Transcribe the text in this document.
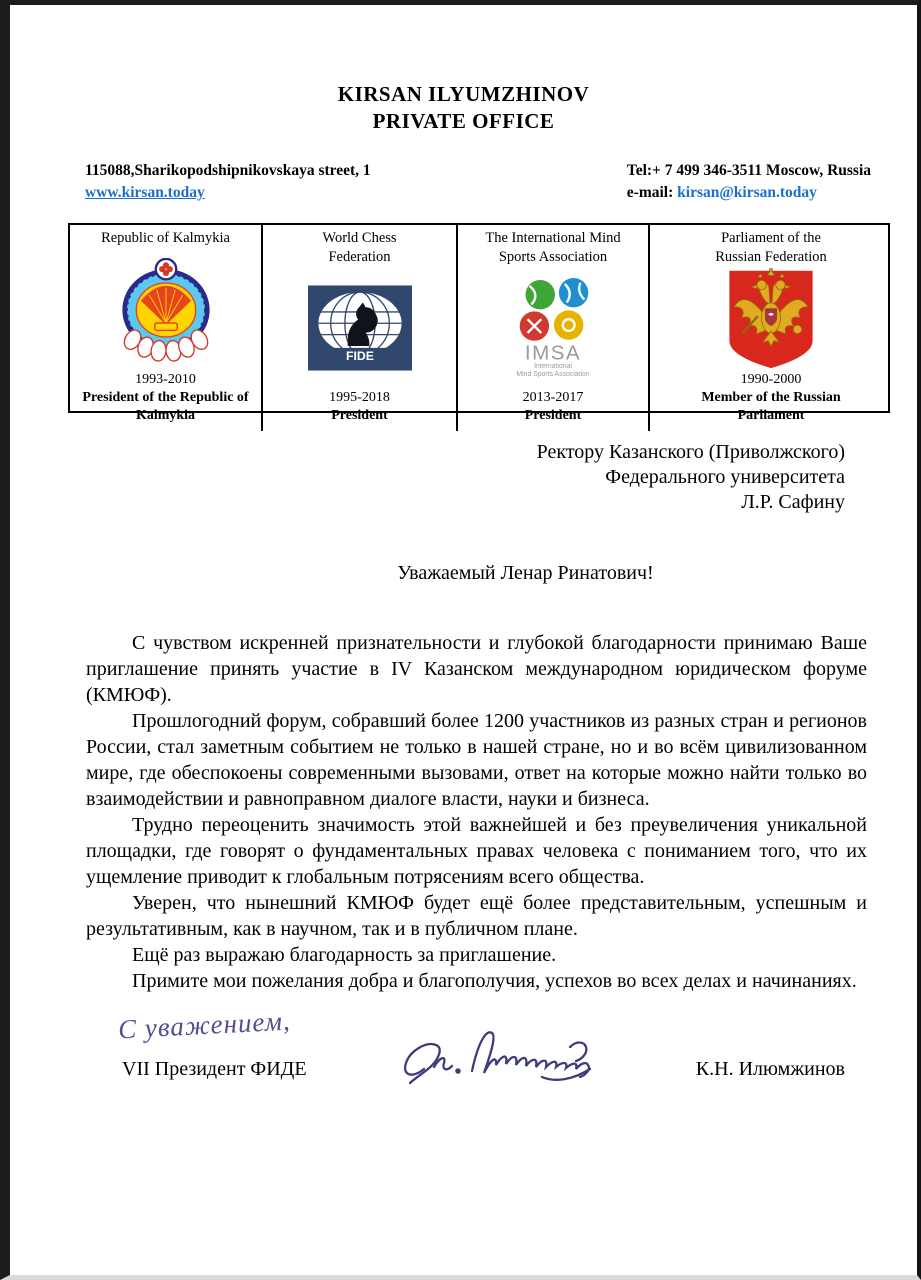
KIRSAN ILYUMZHINOV
PRIVATE OFFICE
115088,Sharikopodshipnikovskaya street, 1
www.kirsan.today
Tel:+ 7 499 346-3511 Moscow, Russia
e-mail: kirsan@kirsan.today
Republic of Kalmykia
1993-2010
President of the Republic of Kalmykia
World Chess Federation
FIDE
1995-2018
President
The International Mind Sports Association
IMSA
International
Mind Sports Association
2013-2017
President
Parliament of the Russian Federation
1990-2000
Member of the Russian Parliament
Ректору Казанского (Приволжского)
Федерального университета
Л.Р. Сафину
Уважаемый Ленар Ринатович!

С чувством искренней признательности и глубокой благодарности принимаю Ваше приглашение принять участие в IV Казанском международном юридическом форуме (КМЮФ).

Прошлогодний форум, собравший более 1200 участников из разных стран и регионов России, стал заметным событием не только в нашей стране, но и во всём цивилизованном мире, где обеспокоены современными вызовами, ответ на которые можно найти только во взаимодействии и равноправном диалоге власти, науки и бизнеса.

Трудно переоценить значимость этой важнейшей и без преувеличения уникальной площадки, где говорят о фундаментальных правах человека с пониманием того, что их ущемление приводит к глобальным потрясениям всего общества.

Уверен, что нынешний КМЮФ будет ещё более представительным, успешным и результативным, как в научном, так и в публичном плане.

Ещё раз выражаю благодарность за приглашение.

Примите мои пожелания добра и благополучия, успехов во всех делах и начинаниях.

С уважением,
VII Президент ФИДЕ	К.Н. Илюмжинов
